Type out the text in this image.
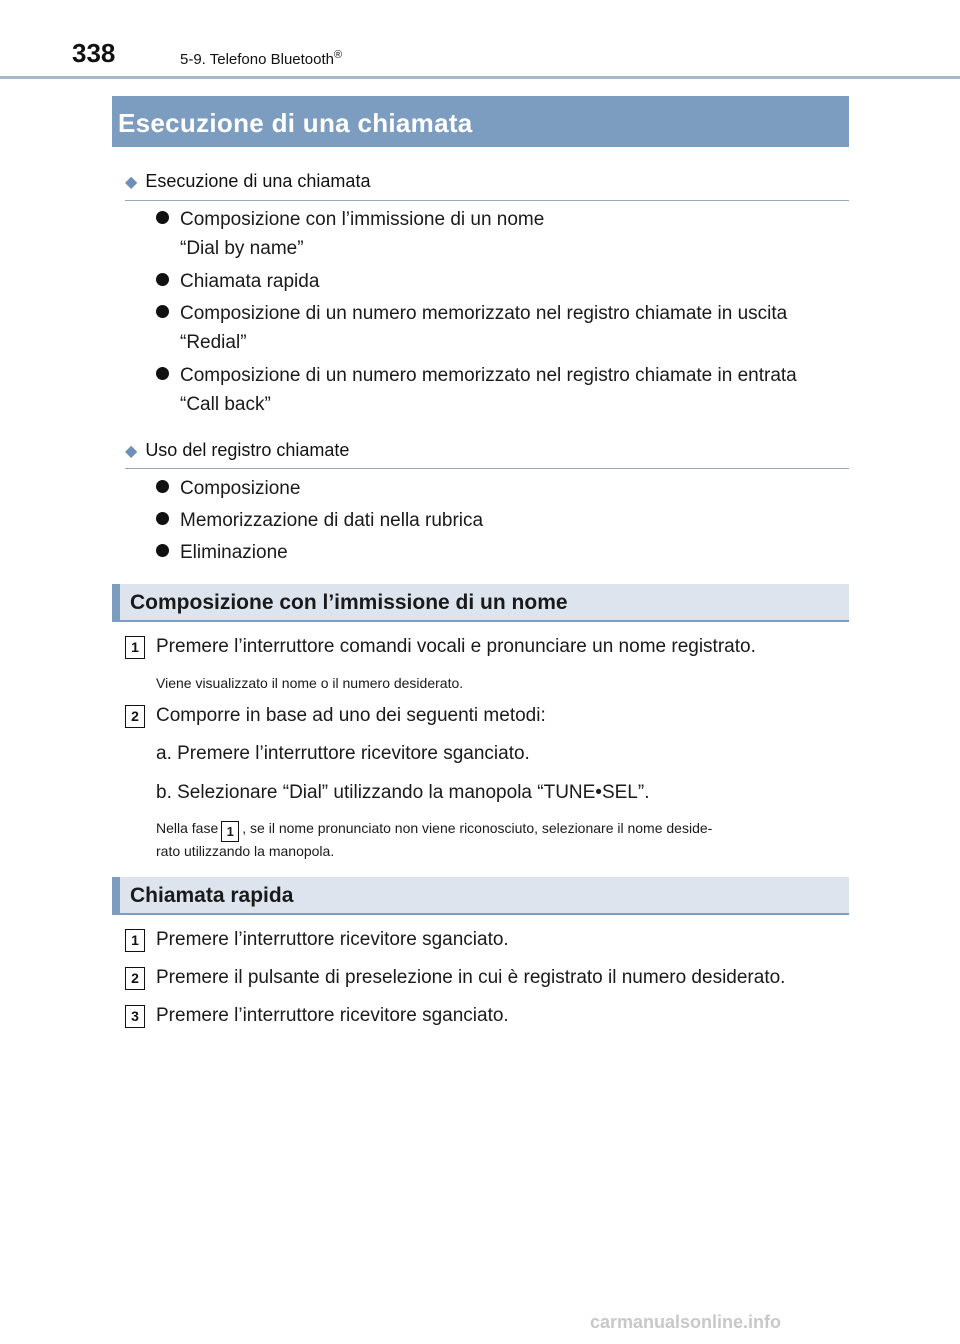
338	5-9. Telefono Bluetooth®
Esecuzione di una chiamata
◆ Esecuzione di una chiamata
Composizione con l’immissione di un nome
“Dial by name”
Chiamata rapida
Composizione di un numero memorizzato nel registro chiamate in uscita
“Redial”
Composizione di un numero memorizzato nel registro chiamate in entrata
“Call back”
◆ Uso del registro chiamate
Composizione
Memorizzazione di dati nella rubrica
Eliminazione
Composizione con l’immissione di un nome
1 Premere l’interruttore comandi vocali e pronunciare un nome registrato.
Viene visualizzato il nome o il numero desiderato.
2 Comporre in base ad uno dei seguenti metodi:
a. Premere l’interruttore ricevitore sganciato.
b. Selezionare “Dial” utilizzando la manopola “TUNE•SEL”.
Nella fase 1 , se il nome pronunciato non viene riconosciuto, selezionare il nome deside-
rato utilizzando la manopola.
Chiamata rapida
1 Premere l’interruttore ricevitore sganciato.
2 Premere il pulsante di preselezione in cui è registrato il numero desiderato.
3 Premere l’interruttore ricevitore sganciato.
carmanualsonline.info
